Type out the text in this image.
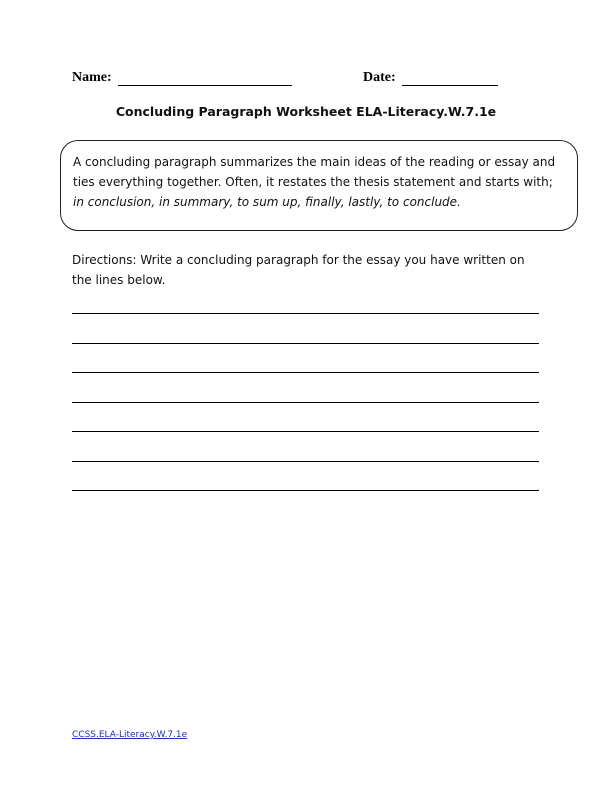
Name:	Date:
Concluding Paragraph Worksheet ELA-Literacy.W.7.1e
A concluding paragraph summarizes the main ideas of the reading or essay and ties everything together. Often, it restates the thesis statement and starts with; in conclusion, in summary, to sum up, finally, lastly, to conclude.
Directions: Write a concluding paragraph for the essay you have written on the lines below.
CCSS.ELA-Literacy.W.7.1e
